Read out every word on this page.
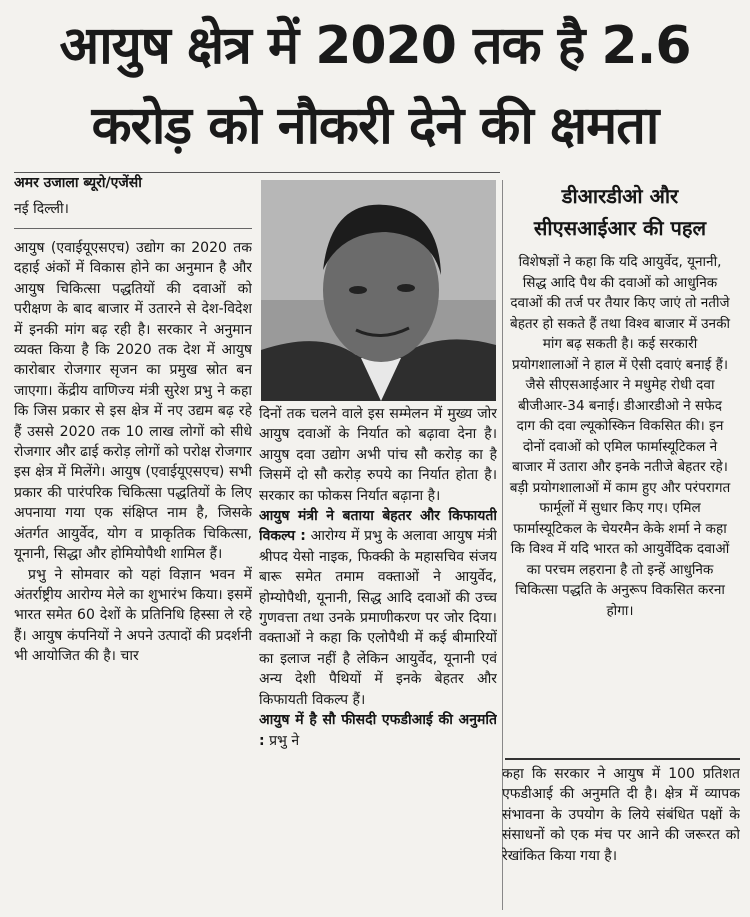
आयुष क्षेत्र में 2020 तक है 2.6
करोड़ को नौकरी देने की क्षमता
अमर उजाला ब्यूरो/एजेंसी
नई दिल्ली।

आयुष (एवाईयूएसएच) उद्योग का 2020 तक दहाई अंकों में विकास होने का अनुमान है और आयुष चिकित्सा पद्धतियों की दवाओं को परीक्षण के बाद बाजार में उतारने से देश-विदेश में इनकी मांग बढ़ रही है। सरकार ने अनुमान व्यक्त किया है कि 2020 तक देश में आयुष कारोबार रोजगार सृजन का प्रमुख स्रोत बन जाएगा। केंद्रीय वाणिज्य मंत्री सुरेश प्रभु ने कहा कि जिस प्रकार से इस क्षेत्र में नए उद्यम बढ़ रहे हैं उससे 2020 तक 10 लाख लोगों को सीधे रोजगार और ढाई करोड़ लोगों को परोक्ष रोजगार इस क्षेत्र में मिलेंगे। आयुष (एवाईयूएसएच) सभी प्रकार की पारंपरिक चिकित्सा पद्धतियों के लिए अपनाया गया एक संक्षिप्त नाम है, जिसके अंतर्गत आयुर्वेद, योग व प्राकृतिक चिकित्सा, यूनानी, सिद्धा और होमियोपैथी शामिल हैं।

प्रभु ने सोमवार को यहां विज्ञान भवन में अंतर्राष्ट्रीय आरोग्य मेले का शुभारंभ किया। इसमें भारत समेत 60 देशों के प्रतिनिधि हिस्सा ले रहे हैं। आयुष कंपनियों ने अपने उत्पादों की प्रदर्शनी भी आयोजित की है। चार

दिनों तक चलने वाले इस सम्मेलन में मुख्य जोर आयुष दवाओं के निर्यात को बढ़ावा देना है। आयुष दवा उद्योग अभी पांच सौ करोड़ का है जिसमें दो सौ करोड़ रुपये का निर्यात होता है। सरकार का फोकस निर्यात बढ़ाना है।

आयुष मंत्री ने बताया बेहतर और किफायती विकल्प : आरोग्य में प्रभु के अलावा आयुष मंत्री श्रीपद येसो नाइक, फिक्की के महासचिव संजय बारू समेत तमाम वक्ताओं ने आयुर्वेद, होम्योपैथी, यूनानी, सिद्ध आदि दवाओं की उच्च गुणवत्ता तथा उनके प्रमाणीकरण पर जोर दिया। वक्ताओं ने कहा कि एलोपैथी में कई बीमारियों का इलाज नहीं है लेकिन आयुर्वेद, यूनानी एवं अन्य देशी पैथियों में इनके बेहतर और किफायती विकल्प हैं।

आयुष में है सौ फीसदी एफडीआई की अनुमति : प्रभु ने

डीआरडीओ और
सीएसआईआर की पहल

विशेषज्ञों ने कहा कि यदि आयुर्वेद, यूनानी, सिद्ध आदि पैथ की दवाओं को आधुनिक दवाओं की तर्ज पर तैयार किए जाएं तो नतीजे बेहतर हो सकते हैं तथा विश्व बाजार में उनकी मांग बढ़ सकती है। कई सरकारी प्रयोगशालाओं ने हाल में ऐसी दवाएं बनाई हैं। जैसे सीएसआईआर ने मधुमेह रोधी दवा बीजीआर-34 बनाई। डीआरडीओ ने सफेद दाग की दवा ल्यूकोस्किन विकसित की। इन दोनों दवाओं को एमिल फार्मास्यूटिकल ने बाजार में उतारा और इनके नतीजे बेहतर रहे। बड़ी प्रयोगशालाओं में काम हुए और परंपरागत फार्मूलों में सुधार किए गए। एमिल फार्मास्यूटिकल के चेयरमैन केके शर्मा ने कहा कि विश्व में यदि भारत को आयुर्वेदिक दवाओं का परचम लहराना है तो इन्हें आधुनिक चिकित्सा पद्धति के अनुरूप विकसित करना होगा।

कहा कि सरकार ने आयुष में 100 प्रतिशत एफडीआई की अनुमति दी है। क्षेत्र में व्यापक संभावना के उपयोग के लिये संबंधित पक्षों के संसाधनों को एक मंच पर आने की जरूरत को रेखांकित किया गया है।
